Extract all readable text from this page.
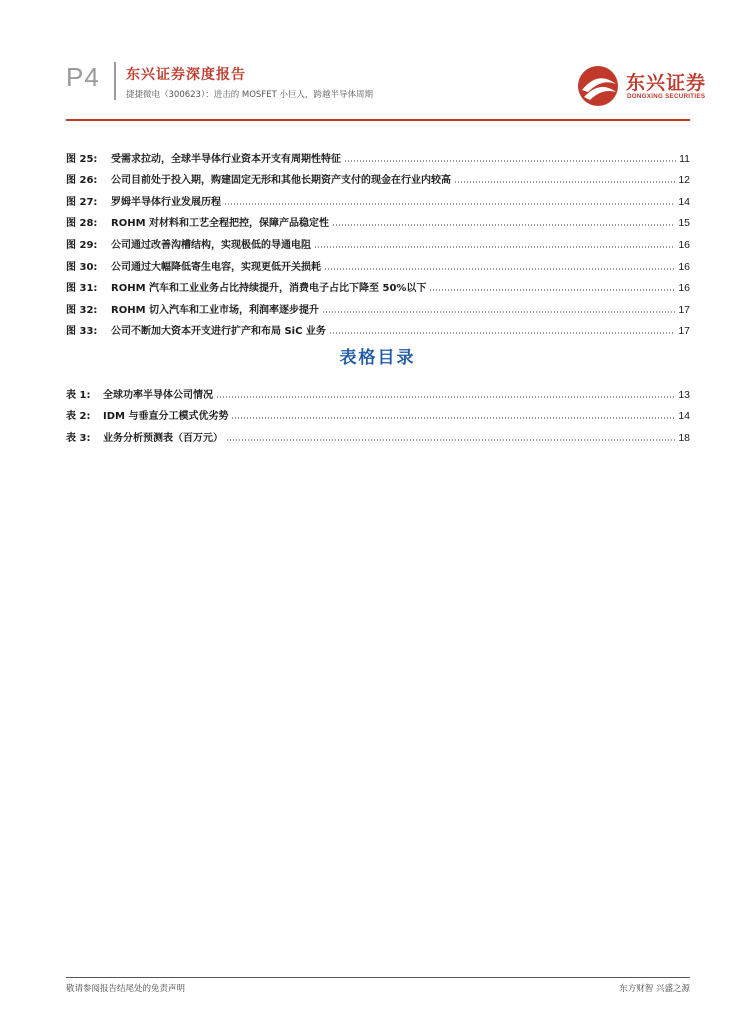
P4 东兴证券深度报告
捷捷微电（300623）：进击的 MOSFET 小巨人，跨越半导体周期
东兴证券
DONGXING SECURITIES
图 25:	受需求拉动，全球半导体行业资本开支有周期性特征	11
图 26:	公司目前处于投入期，购建固定无形和其他长期资产支付的现金在行业内较高	12
图 27:	罗姆半导体行业发展历程	14
图 28:	ROHM 对材料和工艺全程把控，保障产品稳定性	15
图 29:	公司通过改善沟槽结构，实现极低的导通电阻	16
图 30:	公司通过大幅降低寄生电容，实现更低开关损耗	16
图 31:	ROHM 汽车和工业业务占比持续提升，消费电子占比下降至 50%以下	16
图 32:	ROHM 切入汽车和工业市场，利润率逐步提升	17
图 33:	公司不断加大资本开支进行扩产和布局 SiC 业务	17
表格目录
表 1:	全球功率半导体公司情况	13
表 2:	IDM 与垂直分工模式优劣势	14
表 3:	业务分析预测表（百万元）	18
敬请参阅报告结尾处的免责声明	东方财智 兴盛之源
